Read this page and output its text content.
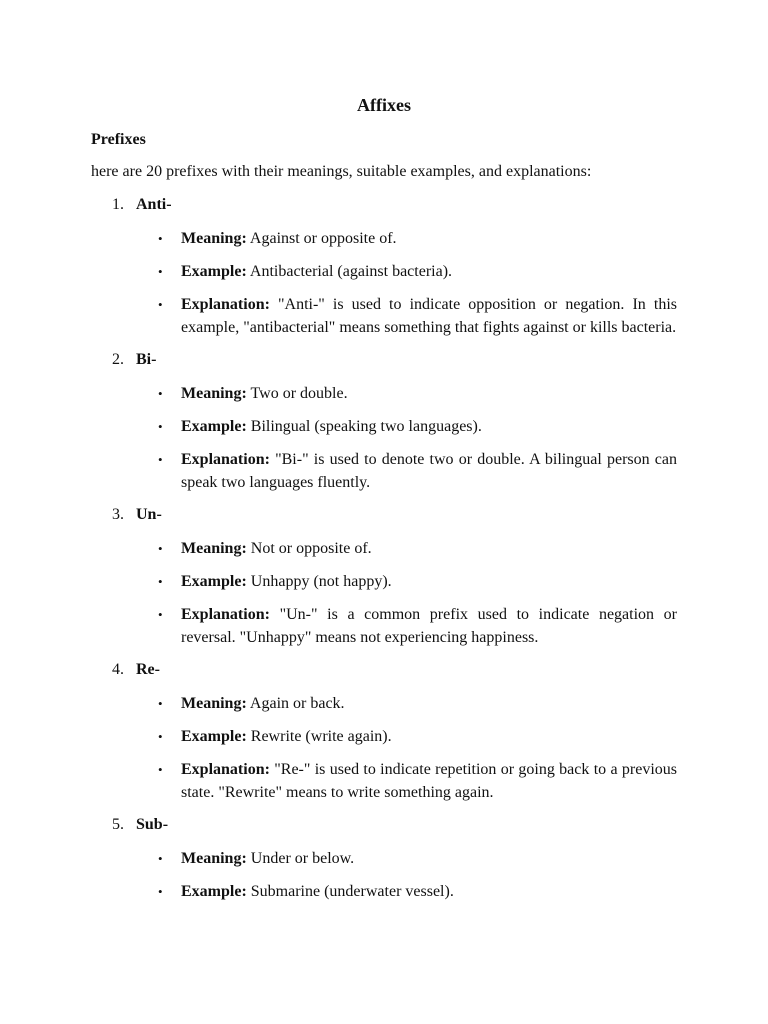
Affixes
Prefixes
here are 20 prefixes with their meanings, suitable examples, and explanations:
1. Anti-
• Meaning: Against or opposite of.
• Example: Antibacterial (against bacteria).
• Explanation: "Anti-" is used to indicate opposition or negation. In this example, "antibacterial" means something that fights against or kills bacteria.
2. Bi-
• Meaning: Two or double.
• Example: Bilingual (speaking two languages).
• Explanation: "Bi-" is used to denote two or double. A bilingual person can speak two languages fluently.
3. Un-
• Meaning: Not or opposite of.
• Example: Unhappy (not happy).
• Explanation: "Un-" is a common prefix used to indicate negation or reversal. "Unhappy" means not experiencing happiness.
4. Re-
• Meaning: Again or back.
• Example: Rewrite (write again).
• Explanation: "Re-" is used to indicate repetition or going back to a previous state. "Rewrite" means to write something again.
5. Sub-
• Meaning: Under or below.
• Example: Submarine (underwater vessel).
